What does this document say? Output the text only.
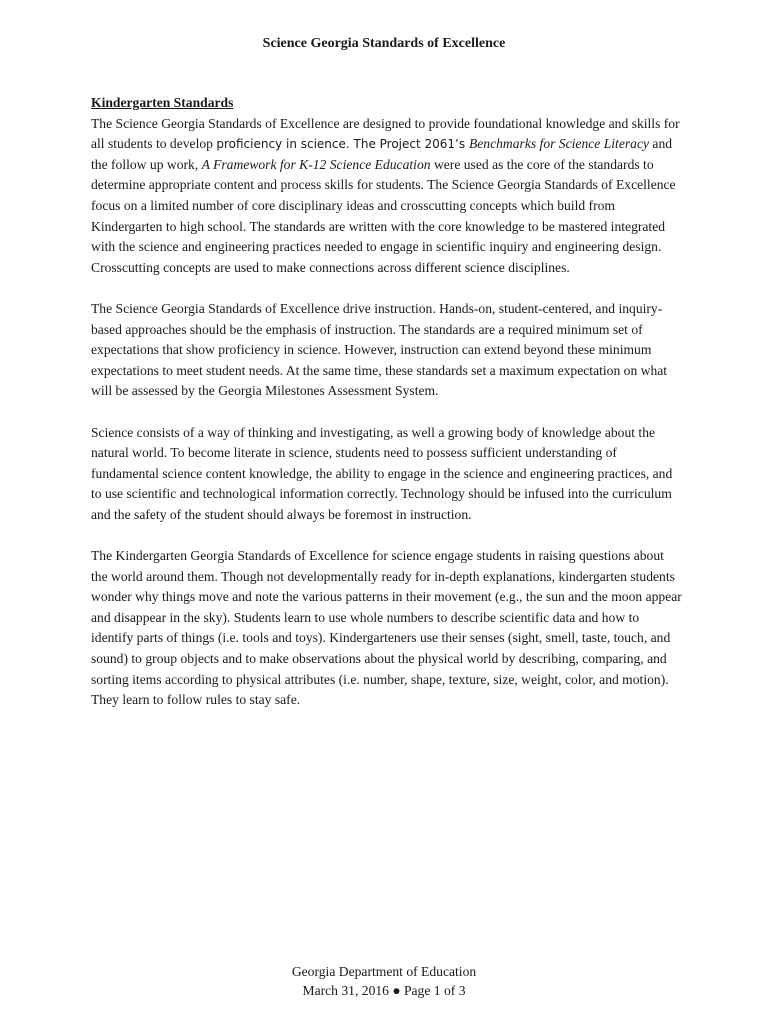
Science Georgia Standards of Excellence

Kindergarten Standards

The Science Georgia Standards of Excellence are designed to provide foundational knowledge and skills for all students to develop proficiency in science. The Project 2061’s Benchmarks for Science Literacy and the follow up work, A Framework for K-12 Science Education were used as the core of the standards to determine appropriate content and process skills for students. The Science Georgia Standards of Excellence focus on a limited number of core disciplinary ideas and crosscutting concepts which build from Kindergarten to high school. The standards are written with the core knowledge to be mastered integrated with the science and engineering practices needed to engage in scientific inquiry and engineering design. Crosscutting concepts are used to make connections across different science disciplines.

The Science Georgia Standards of Excellence drive instruction. Hands-on, student-centered, and inquiry-based approaches should be the emphasis of instruction. The standards are a required minimum set of expectations that show proficiency in science. However, instruction can extend beyond these minimum expectations to meet student needs. At the same time, these standards set a maximum expectation on what will be assessed by the Georgia Milestones Assessment System.

Science consists of a way of thinking and investigating, as well a growing body of knowledge about the natural world. To become literate in science, students need to possess sufficient understanding of fundamental science content knowledge, the ability to engage in the science and engineering practices, and to use scientific and technological information correctly. Technology should be infused into the curriculum and the safety of the student should always be foremost in instruction.

The Kindergarten Georgia Standards of Excellence for science engage students in raising questions about the world around them. Though not developmentally ready for in-depth explanations, kindergarten students wonder why things move and note the various patterns in their movement (e.g., the sun and the moon appear and disappear in the sky). Students learn to use whole numbers to describe scientific data and how to identify parts of things (i.e. tools and toys). Kindergarteners use their senses (sight, smell, taste, touch, and sound) to group objects and to make observations about the physical world by describing, comparing, and sorting items according to physical attributes (i.e. number, shape, texture, size, weight, color, and motion). They learn to follow rules to stay safe.

Georgia Department of Education
March 31, 2016 ● Page 1 of 3
